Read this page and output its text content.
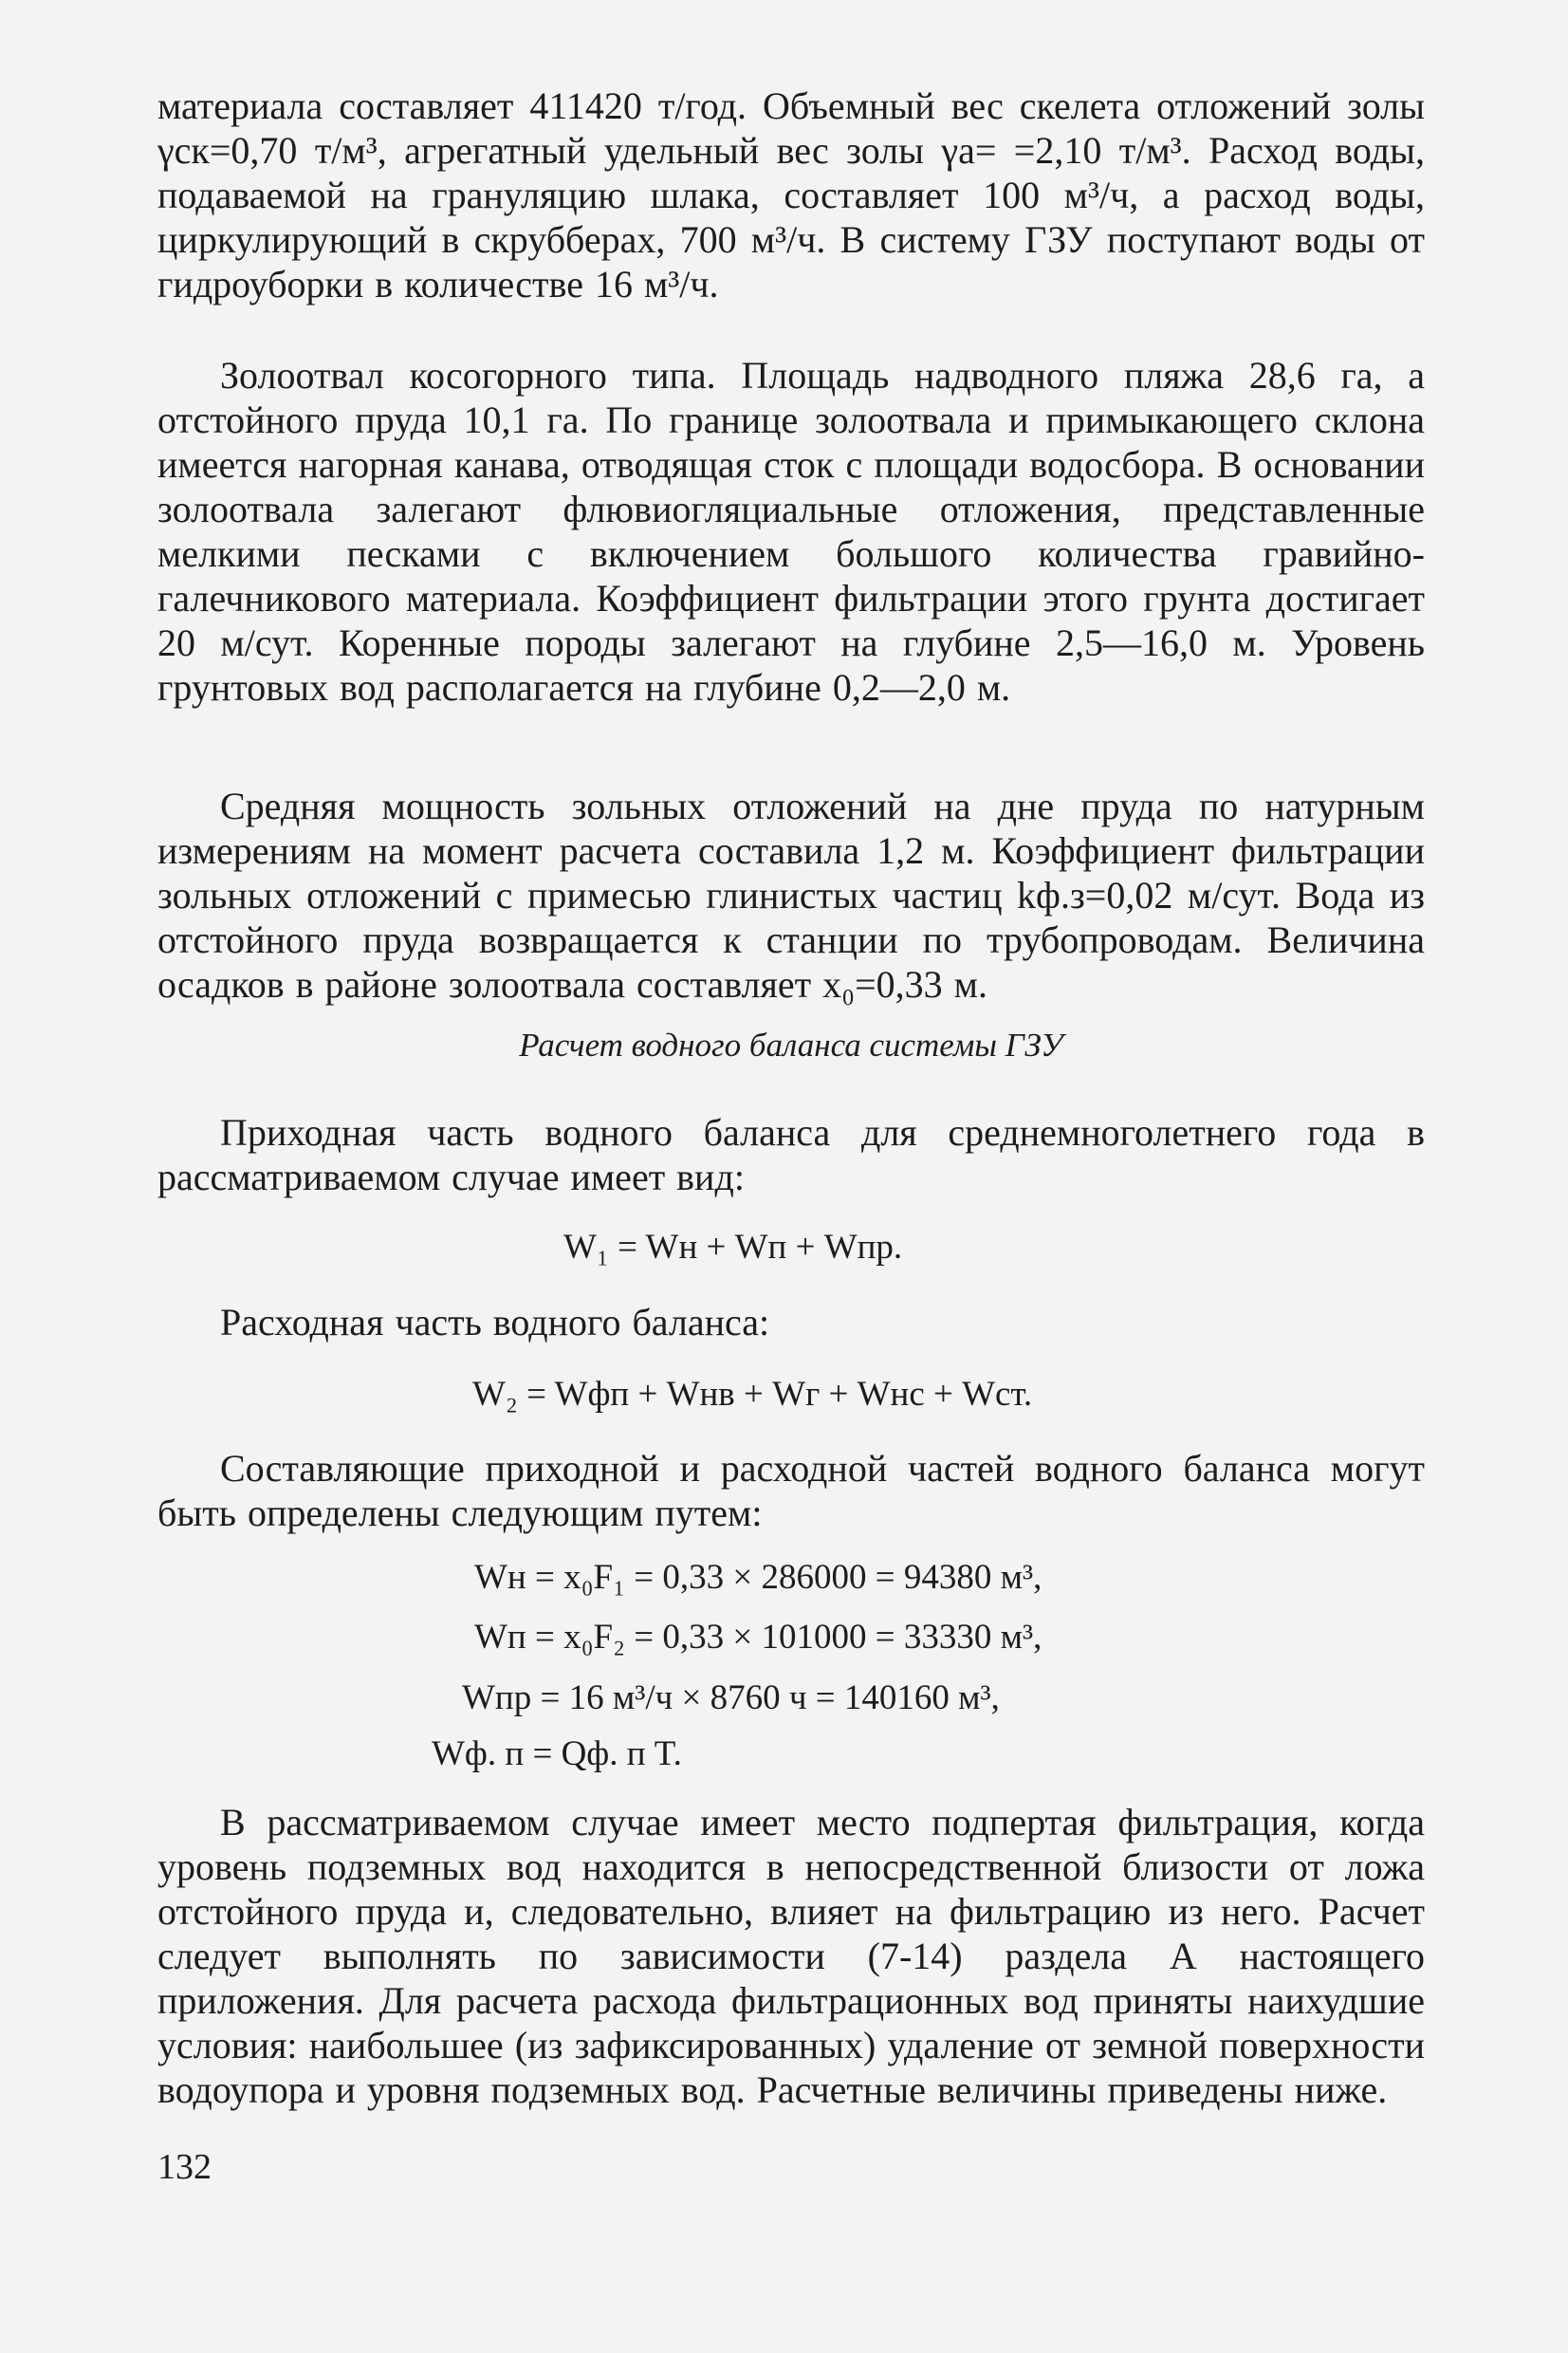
материала составляет 411420 т/год. Объемный вес скелета отложений золы γск=0,70 т/м³, агрегатный удельный вес золы γа= =2,10 т/м³. Расход воды, подаваемой на грануляцию шлака, составляет 100 м³/ч, а расход воды, циркулирующий в скрубберах, 700 м³/ч. В систему ГЗУ поступают воды от гидроуборки в количестве 16 м³/ч.

Золоотвал косогорного типа. Площадь надводного пляжа 28,6 га, а отстойного пруда 10,1 га. По границе золоотвала и примыкающего склона имеется нагорная канава, отводящая сток с площади водосбора. В основании золоотвала залегают флювиогляциальные отложения, представленные мелкими песками с включением большого количества гравийно-галечникового материала. Коэффициент фильтрации этого грунта достигает 20 м/сут. Коренные породы залегают на глубине 2,5—16,0 м. Уровень грунтовых вод располагается на глубине 0,2—2,0 м.

Средняя мощность зольных отложений на дне пруда по натурным измерениям на момент расчета составила 1,2 м. Коэффициент фильтрации зольных отложений с примесью глинистых частиц kф.з=0,02 м/сут. Вода из отстойного пруда возвращается к станции по трубопроводам. Величина осадков в районе золоотвала составляет x₀=0,33 м.

Расчет водного баланса системы ГЗУ

Приходная часть водного баланса для среднемноголетнего года в рассматриваемом случае имеет вид:

W₁ = Wн + Wп + Wпр.

Расходная часть водного баланса:

W₂ = Wфп + Wнв + Wг + Wнс + Wст.

Составляющие приходной и расходной частей водного баланса могут быть определены следующим путем:

Wн = x₀F₁ = 0,33 × 286000 = 94380 м³,

Wп = x₀F₂ = 0,33 × 101000 = 33330 м³,

Wпр = 16 м³/ч × 8760 ч = 140160 м³,

Wф. п = Qф. п T.

В рассматриваемом случае имеет место подпертая фильтрация, когда уровень подземных вод находится в непосредственной близости от ложа отстойного пруда и, следовательно, влияет на фильтрацию из него. Расчет следует выполнять по зависимости (7-14) раздела А настоящего приложения. Для расчета расхода фильтрационных вод приняты наихудшие условия: наибольшее (из зафиксированных) удаление от земной поверхности водоупора и уровня подземных вод. Расчетные величины приведены ниже.

132
